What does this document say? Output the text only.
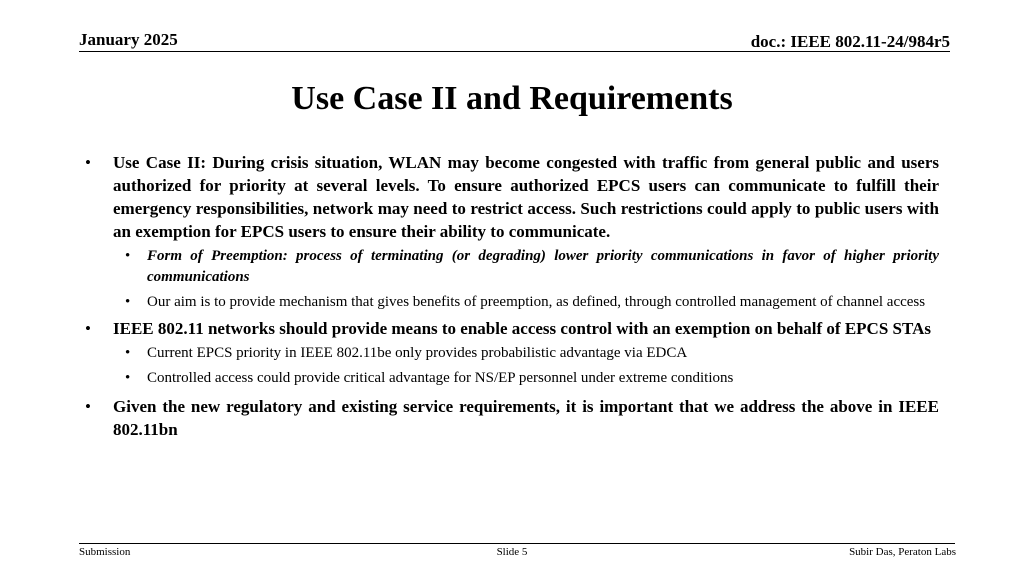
January 2025	doc.: IEEE 802.11-24/984r5
Use Case II and Requirements
• Use Case II: During crisis situation, WLAN may become congested with traffic from general public and users authorized for priority at several levels. To ensure authorized EPCS users can communicate to fulfill their emergency responsibilities, network may need to restrict access. Such restrictions could apply to public users with an exemption for EPCS users to ensure their ability to communicate.
• Form of Preemption: process of terminating (or degrading) lower priority communications in favor of higher priority communications
• Our aim is to provide mechanism that gives benefits of preemption, as defined, through controlled management of channel access
• IEEE 802.11 networks should provide means to enable access control with an exemption on behalf of EPCS STAs
• Current EPCS priority in IEEE 802.11be only provides probabilistic advantage via EDCA
• Controlled access could provide critical advantage for NS/EP personnel under extreme conditions
• Given the new regulatory and existing service requirements, it is important that we address the above in IEEE 802.11bn
Submission	Slide 5	Subir Das, Peraton Labs
